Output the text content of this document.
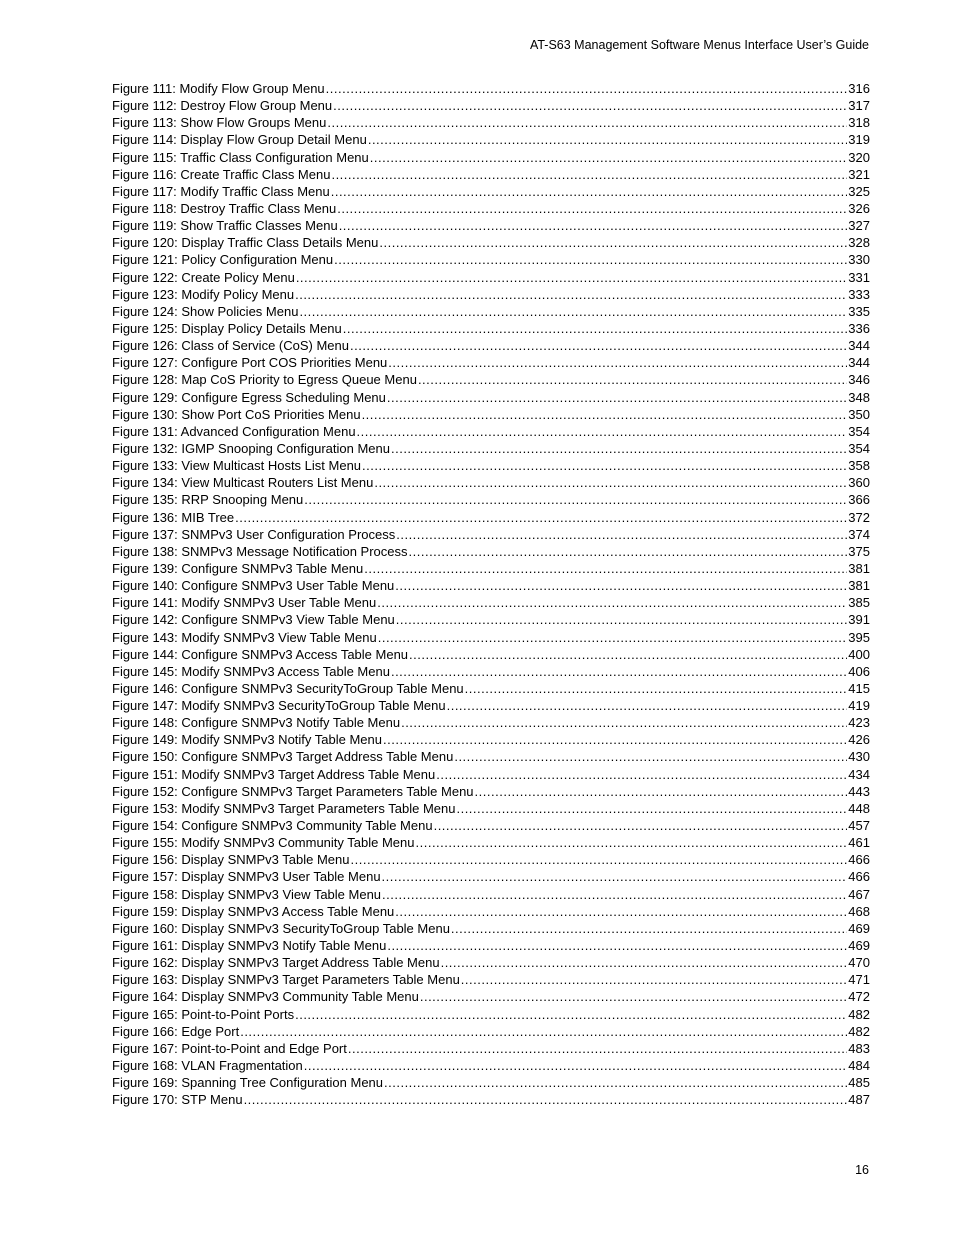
AT-S63 Management Software Menus Interface User’s Guide
Figure 111: Modify Flow Group Menu .....	316
Figure 112: Destroy Flow Group Menu .....	317
Figure 113: Show Flow Groups Menu .....	318
Figure 114: Display Flow Group Detail Menu .....	319
Figure 115: Traffic Class Configuration Menu .....	320
Figure 116: Create Traffic Class Menu .....	321
Figure 117: Modify Traffic Class Menu .....	325
Figure 118: Destroy Traffic Class Menu .....	326
Figure 119: Show Traffic Classes Menu .....	327
Figure 120: Display Traffic Class Details Menu .....	328
Figure 121: Policy Configuration Menu .....	330
Figure 122: Create Policy Menu .....	331
Figure 123: Modify Policy Menu .....	333
Figure 124: Show Policies Menu .....	335
Figure 125: Display Policy Details Menu .....	336
Figure 126: Class of Service (CoS) Menu .....	344
Figure 127: Configure Port COS Priorities Menu .....	344
Figure 128: Map CoS Priority to Egress Queue Menu .....	346
Figure 129: Configure Egress Scheduling Menu .....	348
Figure 130: Show Port CoS Priorities Menu .....	350
Figure 131: Advanced Configuration Menu .....	354
Figure 132: IGMP Snooping Configuration Menu .....	354
Figure 133: View Multicast Hosts List Menu .....	358
Figure 134: View Multicast Routers List Menu .....	360
Figure 135: RRP Snooping Menu .....	366
Figure 136: MIB Tree .....	372
Figure 137: SNMPv3 User Configuration Process .....	374
Figure 138: SNMPv3 Message Notification Process .....	375
Figure 139: Configure SNMPv3 Table Menu .....	381
Figure 140: Configure SNMPv3 User Table Menu .....	381
Figure 141: Modify SNMPv3 User Table Menu .....	385
Figure 142: Configure SNMPv3 View Table Menu .....	391
Figure 143: Modify SNMPv3 View Table Menu .....	395
Figure 144: Configure SNMPv3 Access Table Menu .....	400
Figure 145: Modify SNMPv3 Access Table Menu .....	406
Figure 146: Configure SNMPv3 SecurityToGroup Table Menu .....	415
Figure 147: Modify SNMPv3 SecurityToGroup Table Menu .....	419
Figure 148: Configure SNMPv3 Notify Table Menu .....	423
Figure 149: Modify SNMPv3 Notify Table Menu .....	426
Figure 150: Configure SNMPv3 Target Address Table Menu .....	430
Figure 151: Modify SNMPv3 Target Address Table Menu .....	434
Figure 152: Configure SNMPv3 Target Parameters Table Menu .....	443
Figure 153: Modify SNMPv3 Target Parameters Table Menu .....	448
Figure 154: Configure SNMPv3 Community Table Menu .....	457
Figure 155: Modify SNMPv3 Community Table Menu .....	461
Figure 156: Display SNMPv3 Table Menu .....	466
Figure 157: Display SNMPv3 User Table Menu .....	466
Figure 158: Display SNMPv3 View Table Menu .....	467
Figure 159: Display SNMPv3 Access Table Menu .....	468
Figure 160: Display SNMPv3 SecurityToGroup Table Menu .....	469
Figure 161: Display SNMPv3 Notify Table Menu .....	469
Figure 162: Display SNMPv3 Target Address Table Menu .....	470
Figure 163: Display SNMPv3 Target Parameters Table Menu .....	471
Figure 164: Display SNMPv3 Community Table Menu .....	472
Figure 165: Point-to-Point Ports .....	482
Figure 166: Edge Port .....	482
Figure 167: Point-to-Point and Edge Port .....	483
Figure 168: VLAN Fragmentation .....	484
Figure 169: Spanning Tree Configuration Menu .....	485
Figure 170: STP Menu .....	487
16
